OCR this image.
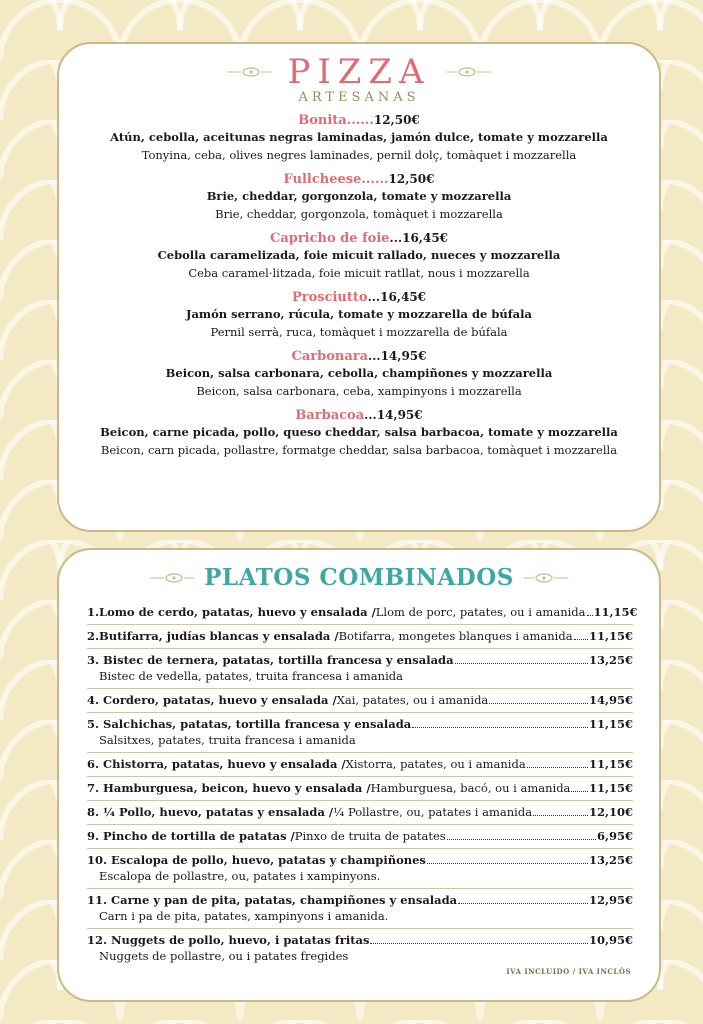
PIZZA
ARTESANAS
Bonita......12,50€
Atún, cebolla, aceitunas negras laminadas, jamón dulce, tomate y mozzarella
Tonyina, ceba, olives negres laminades, pernil dolç, tomàquet i mozzarella
Fullcheese......12,50€
Brie, cheddar, gorgonzola, tomate y mozzarella
Brie, cheddar, gorgonzola, tomàquet i mozzarella
Capricho de foie...16,45€
Cebolla caramelizada, foie micuit rallado, nueces y mozzarella
Ceba caramel·litzada, foie micuit ratllat, nous i mozzarella
Prosciutto...16,45€
Jamón serrano, rúcula, tomate y mozzarella de búfala
Pernil serrà, ruca, tomàquet i mozzarella de búfala
Carbonara...14,95€
Beicon, salsa carbonara, cebolla, champiñones y mozzarella
Beicon, salsa carbonara, ceba, xampinyons i mozzarella
Barbacoa...14,95€
Beicon, carne picada, pollo, queso cheddar, salsa barbacoa, tomate y mozzarella
Beicon, carn picada, pollastre, formatge cheddar, salsa barbacoa, tomàquet i mozzarella
PLATOS COMBINADOS
1.Lomo de cerdo, patatas, huevo y ensalada / Llom de porc, patates, ou i amanida 11,15€
2.Butifarra, judías blancas y ensalada / Botifarra, mongetes blanques i amanida 11,15€
3. Bistec de ternera, patatas, tortilla francesa y ensalada	13,25€
Bistec de vedella, patates, truita francesa i amanida
4. Cordero, patatas, huevo y ensalada / Xai, patates, ou i amanida	14,95€
5. Salchichas, patatas, tortilla francesa y ensalada	11,15€
Salsitxes, patates, truita francesa i amanida
6. Chistorra, patatas, huevo y ensalada / Xistorra, patates, ou i amanida	11,15€
7. Hamburguesa, beicon, huevo y ensalada / Hamburguesa, bacó, ou i amanida 11,15€
8. ¼ Pollo, huevo, patatas y ensalada / ¼ Pollastre, ou, patates i amanida	12,10€
9. Pincho de tortilla de patatas / Pinxo de truita de patates	6,95€
10. Escalopa de pollo, huevo, patatas y champiñones	13,25€
Escalopa de pollastre, ou, patates i xampinyons.
11. Carne y pan de pita, patatas, champiñones y ensalada	12,95€
Carn i pa de pita, patates, xampinyons i amanida.
12. Nuggets de pollo, huevo, i patatas fritas	10,95€
Nuggets de pollastre, ou i patates fregides
IVA INCLUIDO / IVA INCLÒS
